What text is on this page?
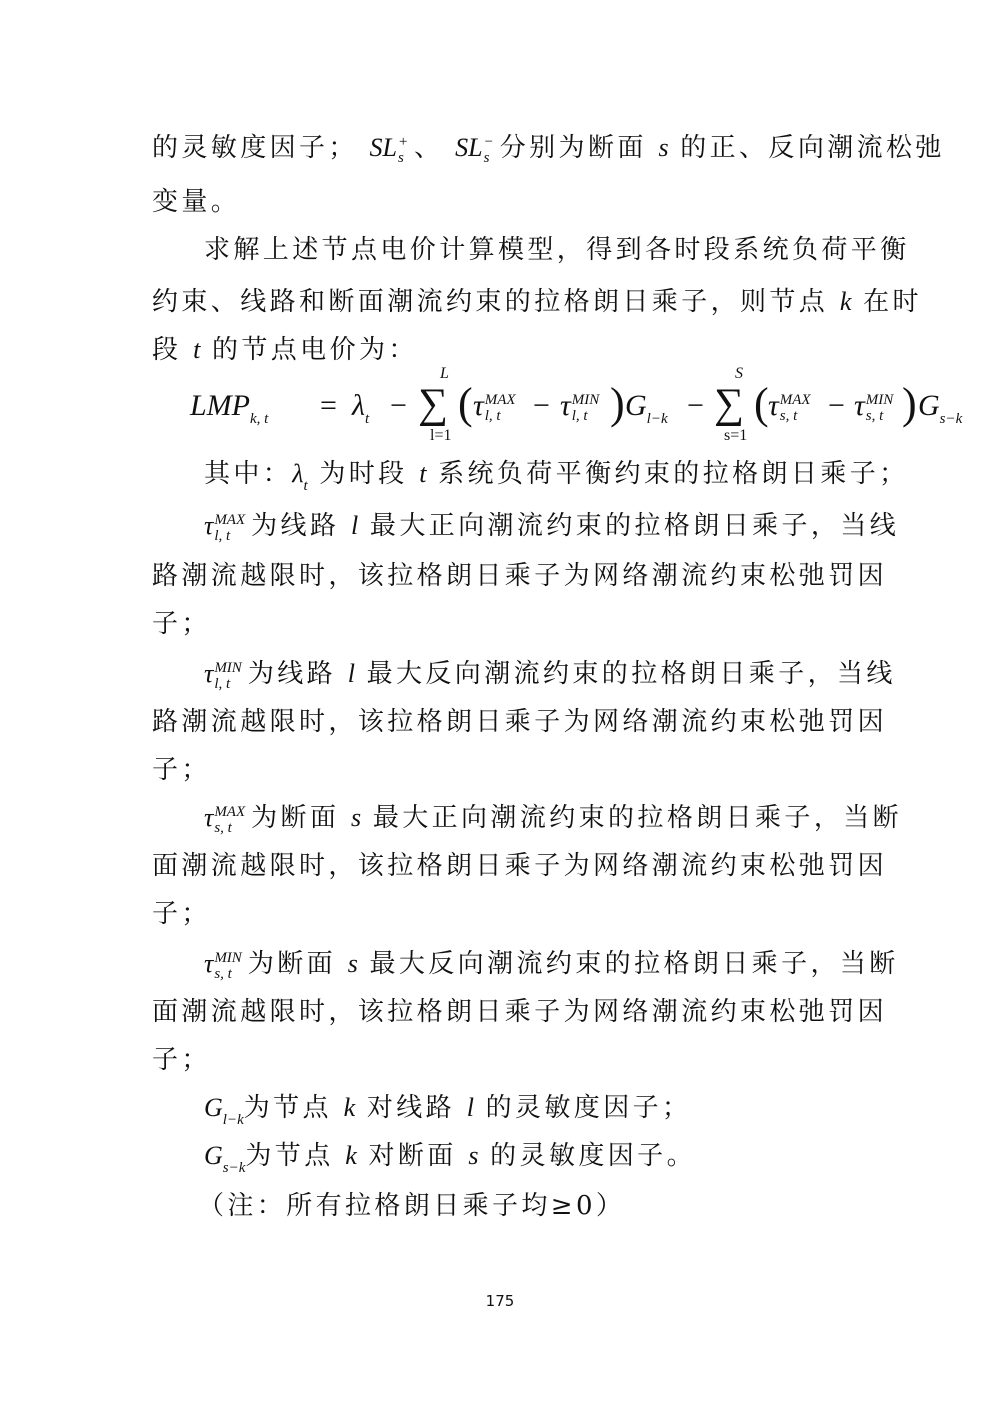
的灵敏度因子； SL +
s 、 SL −
s 分别为断面 s 的正、反向潮流松弛
变量。
求解上述节点电价计算模型，得到各时段系统负荷平衡
约束、线路和断面潮流约束的拉格朗日乘子，则节点 k 在时
段 t 的节点电价为：
$LMP_{k, t} = \lambda_t$ −
L
∑
l=1
( τ MAX
l, t	− τ MIN
l, t ) $G_{l-k}$ −
S
∑
s=1
( τ MAX
s, t	− τ MIN
s, t ) $G_{s-k}$
其中：$\lambda_t$ 为时段 t 系统负荷平衡约束的拉格朗日乘子；
τ MAX
l, t 为线路 l 最大正向潮流约束的拉格朗日乘子，当线
路潮流越限时，该拉格朗日乘子为网络潮流约束松弛罚因
子；
τ MIN
l, t 为线路 l 最大反向潮流约束的拉格朗日乘子，当线
路潮流越限时，该拉格朗日乘子为网络潮流约束松弛罚因
子；
τ MAX
s, t 为断面 s 最大正向潮流约束的拉格朗日乘子，当断
面潮流越限时，该拉格朗日乘子为网络潮流约束松弛罚因
子；
τ MIN
s, t 为断面 s 最大反向潮流约束的拉格朗日乘子，当断
面潮流越限时，该拉格朗日乘子为网络潮流约束松弛罚因
子；
$G_{l-k}$为节点 k 对线路 l 的灵敏度因子；
$G_{s-k}$为节点 k 对断面 s 的灵敏度因子。
（注：所有拉格朗日乘子均≥0）
175
